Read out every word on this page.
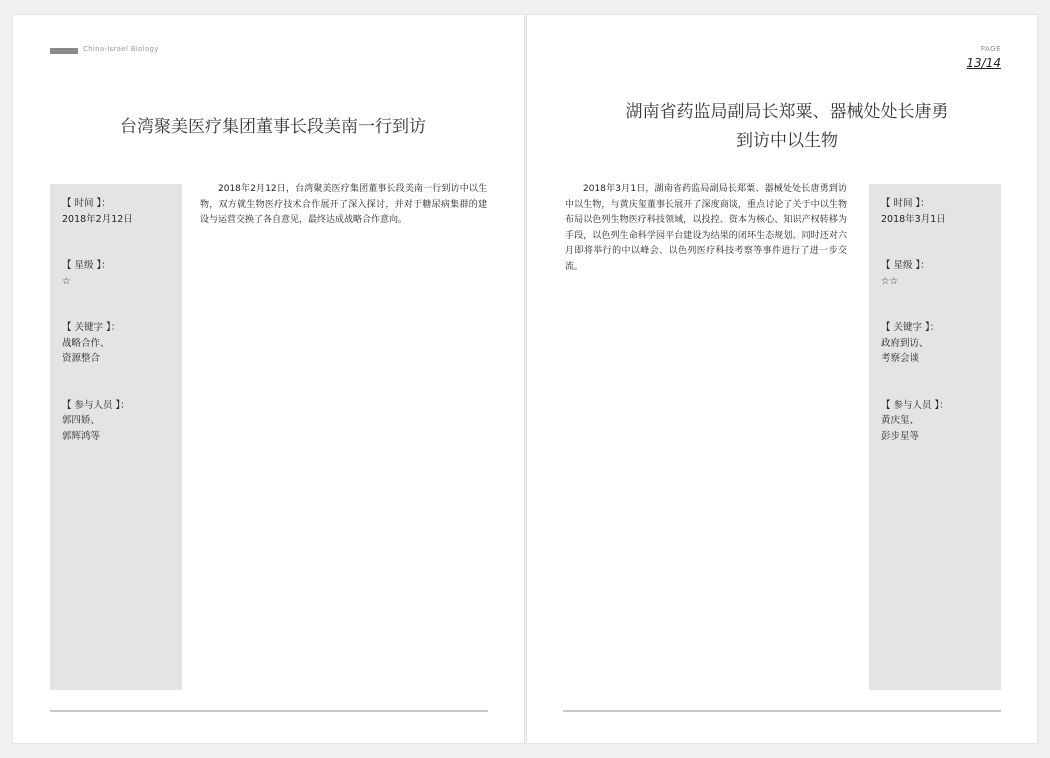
China-Israel Biology
台湾聚美医疗集团董事长段美南一行到访
【 时间 】：
2018年2月12日
【 星级 】：
☆
【 关键字 】：
战略合作、
资源整合
【 参与人员 】：
郭四娇、
郭辉鸿等

2018年2月12日，台湾聚美医疗集团董事长段美南一行到访中以生物，双方就生物医疗技术合作展开了深入探讨，并对于糖尿病集群的建设与运营交换了各自意见，最终达成战略合作意向。

PAGE
13/14
湖南省药监局副局长郑粟、器械处处长唐勇
到访中以生物

2018年3月1日，湖南省药监局副局长郑粟、器械处处长唐勇到访中以生物，与黄庆玺董事长展开了深度商谈，重点讨论了关于中以生物布局以色列生物医疗科技领域，以投控、资本为核心、知识产权转移为手段，以色列生命科学园平台建设为结果的闭环生态规划。同时还对六月即将举行的中以峰会、以色列医疗科技考察等事件进行了进一步交流。

【 时间 】：
2018年3月1日
【 星级 】：
☆☆
【 关键字 】：
政府到访、
考察会谈
【 参与人员 】：
黄庆玺、
彭步星等
